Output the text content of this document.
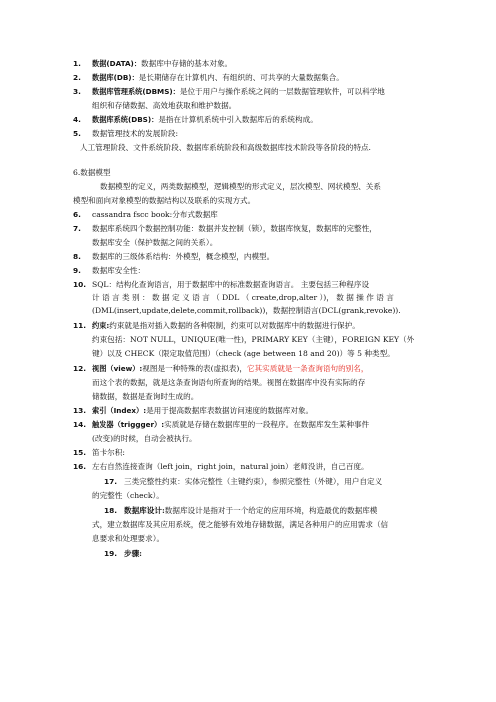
1. 数据(DATA)：数据库中存储的基本对象。
2. 数据库(DB)：是长期储存在计算机内、有组织的、可共享的大量数据集合。
3. 数据库管理系统(DBMS)：是位于用户与操作系统之间的一层数据管理软件，可以科学地
组织和存储数据、高效地获取和维护数据。
4. 数据库系统(DBS)：是指在计算机系统中引入数据库后的系统构成。
5. 数据管理技术的发展阶段:
人工管理阶段、文件系统阶段、数据库系统阶段和高级数据库技术阶段等各阶段的特点.
6.数据模型
数据模型的定义，两类数据模型，逻辑模型的形式定义，层次模型、网状模型、关系
模型和面向对象模型的数据结构以及联系的实现方式。
6. cassandra fscc book:分布式数据库
7. 数据库系统四个数据控制功能：数据并发控制（锁），数据库恢复，数据库的完整性，
数据库安全（保护数据之间的关系）。
8. 数据库的三级体系结构：外模型，概念模型，内模型。
9. 数据库安全性：
10. SQL：结构化查询语言，用于数据库中的标准数据查询语言。 主要包括三种程序设
计 语 言 类 别 ： 数 据 定 义 语 言 （ DDL （ create,drop,alter ）)， 数 据 操 作 语 言
(DML(insert,update,delete,commit,rollback))，数据控制语言(DCL(grank,revoke)).
11. 约束:约束就是指对插入数据的各种限制，约束可以对数据库中的数据进行保护。
约束包括：NOT NULL，UNIQUE(唯一性)，PRIMARY KEY（主键），FOREIGN KEY（外
键）以及 CHECK（限定取值范围）（check (age between 18 and 20)）等 5 种类型。
12. 视图（view）:视图是一种特殊的表(虚拟表)，它其实质就是一条查询语句的别名，
而这个表的数据，就是这条查询语句所查询的结果。视图在数据库中没有实际的存
储数据，数据是查询时生成的。
13. 索引（Index）:是用于提高数据库表数据访问速度的数据库对象。
14. 触发器（triggger）:实质就是存储在数据库里的一段程序。在数据库发生某种事件
(改变)的时候，自动会被执行。
15. 笛卡尔积:
16. 左右自然连接查询（left join，right join，natural join）老师没讲，自己百度。
17. 三类完整性约束：实体完整性（主键约束），参照完整性（外键），用户自定义
的完整性（check）。
18. 数据库设计:数据库设计是指对于一个给定的应用环境，构造最优的数据库模
式，建立数据库及其应用系统，使之能够有效地存储数据，满足各种用户的应用需求（信
息要求和处理要求）。
19. 步骤:
